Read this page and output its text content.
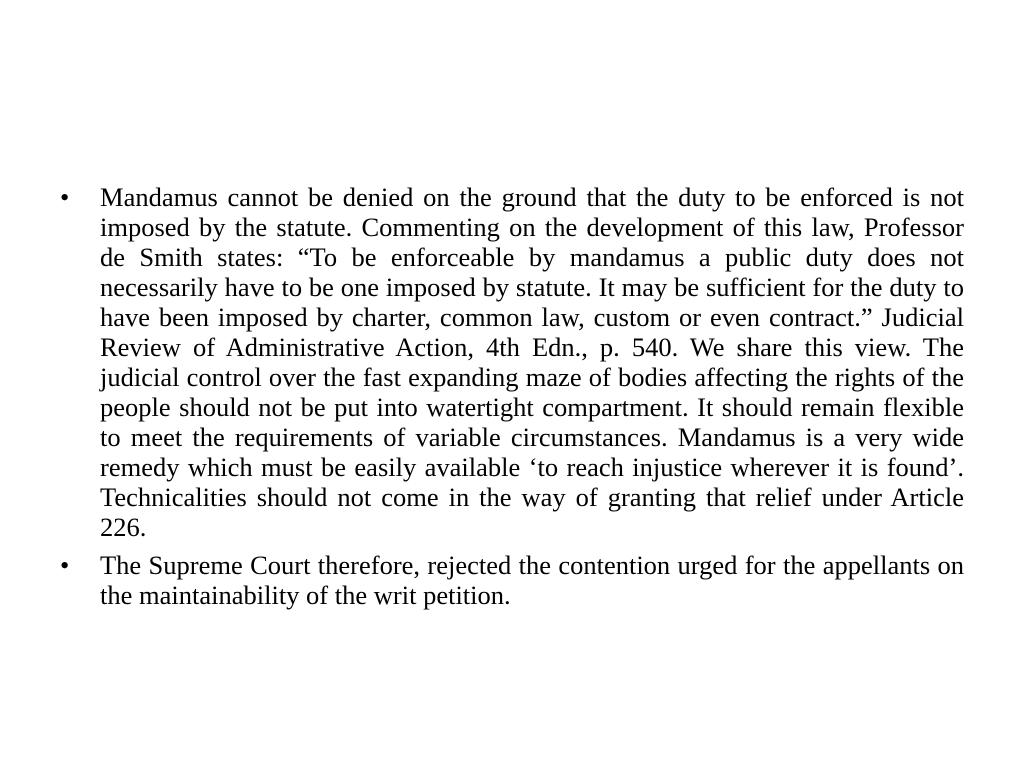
•	Mandamus cannot be denied on the ground that the duty to be enforced is not imposed by the statute. Commenting on the development of this law, Professor de Smith states: “To be enforceable by mandamus a public duty does not necessarily have to be one imposed by statute. It may be sufficient for the duty to have been imposed by charter, common law, custom or even contract.” Judicial Review of Administrative Action, 4th Edn., p. 540. We share this view. The judicial control over the fast expanding maze of bodies affecting the rights of the people should not be put into watertight compartment. It should remain flexible to meet the requirements of variable circumstances. Mandamus is a very wide remedy which must be easily available ‘to reach injustice wherever it is found’. Technicalities should not come in the way of granting that relief under Article 226.
•	The Supreme Court therefore, rejected the contention urged for the appellants on the maintainability of the writ petition.
